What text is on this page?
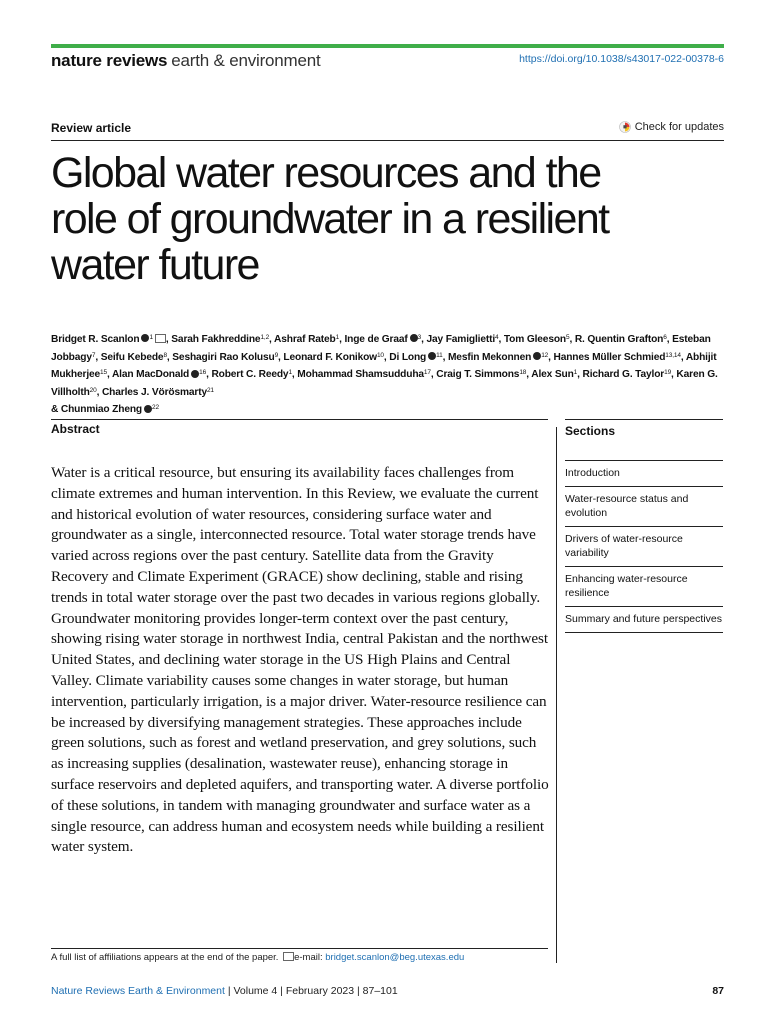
nature reviews earth & environment	https://doi.org/10.1038/s43017-022-00378-6
Review article	Check for updates
Global water resources and the role of groundwater in a resilient water future
Bridget R. Scanlon $^1$ , Sarah Fakhreddine$^{1,2}$, Ashraf Rateb$^1$, Inge de Graaf $^3$, Jay Famiglietti$^4$, Tom Gleeson$^5$, R. Quentin Grafton$^6$, Esteban Jobbagy$^7$, Seifu Kebede$^8$, Seshagiri Rao Kolusu$^9$, Leonard F. Konikow$^{10}$, Di Long $^{11}$, Mesfin Mekonnen $^{12}$, Hannes Müller Schmied$^{13,14}$, Abhijit Mukherjee$^{15}$, Alan MacDonald $^{16}$, Robert C. Reedy$^1$, Mohammad Shamsudduha$^{17}$, Craig T. Simmons$^{18}$, Alex Sun$^1$, Richard G. Taylor$^{19}$, Karen G. Villholth$^{20}$, Charles J. Vörösmarty$^{21}$
& Chunmiao Zheng $^{22}$
Abstract

Water is a critical resource, but ensuring its availability faces challenges from climate extremes and human intervention. In this Review, we evaluate the current and historical evolution of water resources, considering surface water and groundwater as a single, interconnected resource. Total water storage trends have varied across regions over the past century. Satellite data from the Gravity Recovery and Climate Experiment (GRACE) show declining, stable and rising trends in total water storage over the past two decades in various regions globally. Groundwater monitoring provides longer-term context over the past century, showing rising water storage in northwest India, central Pakistan and the northwest United States, and declining water storage in the US High Plains and Central Valley. Climate variability causes some changes in water storage, but human intervention, particularly irrigation, is a major driver. Water-resource resilience can be increased by diversifying management strategies. These approaches include green solutions, such as forest and wetland preservation, and grey solutions, such as increasing supplies (desalination, wastewater reuse), enhancing storage in surface reservoirs and depleted aquifers, and transporting water. A diverse portfolio of these solutions, in tandem with managing groundwater and surface water as a single resource, can address human and ecosystem needs while building a resilient water system.

Sections
Introduction
Water-resource status and evolution
Drivers of water-resource variability
Enhancing water-resource resilience
Summary and future perspectives
A full list of affiliations appears at the end of the paper. e-mail: bridget.scanlon@beg.utexas.edu
Nature Reviews Earth & Environment | Volume 4 | February 2023 | 87–101	87
